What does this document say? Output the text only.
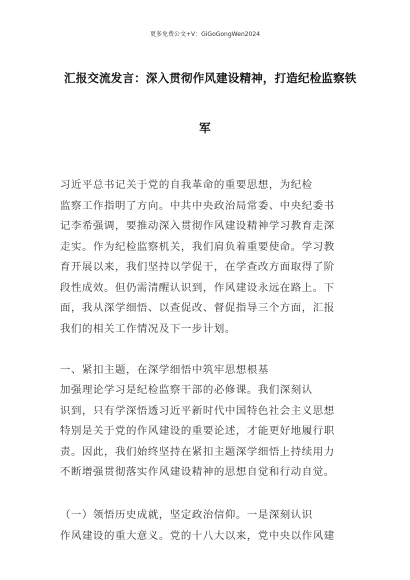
更多免费公文+V：GiGoGongWen2024
汇报交流发言：深入贯彻作风建设精神，打造纪检监察铁
军
习近平总书记关于党的自我革命的重要思想，为纪检
监察工作指明了方向。中共中央政治局常委、中央纪委书
记李希强调，要推动深入贯彻作风建设精神学习教育走深
走实。作为纪检监察机关，我们肩负着重要使命。学习教
育开展以来，我们坚持以学促干，在学查改方面取得了阶
段性成效。但仍需清醒认识到，作风建设永远在路上。下
面，我从深学细悟、以查促改、督促指导三个方面，汇报
我们的相关工作情况及下一步计划。
一、紧扣主题，在深学细悟中筑牢思想根基
加强理论学习是纪检监察干部的必修课。我们深刻认
识到，只有学深悟透习近平新时代中国特色社会主义思想
特别是关于党的作风建设的重要论述，才能更好地履行职
责。因此，我们始终坚持在紧扣主题深学细悟上持续用力
不断增强贯彻落实作风建设精神的思想自觉和行动自觉。
（一）领悟历史成就，坚定政治信仰。一是深刻认识
作风建设的重大意义。党的十八大以来，党中央以作风建
